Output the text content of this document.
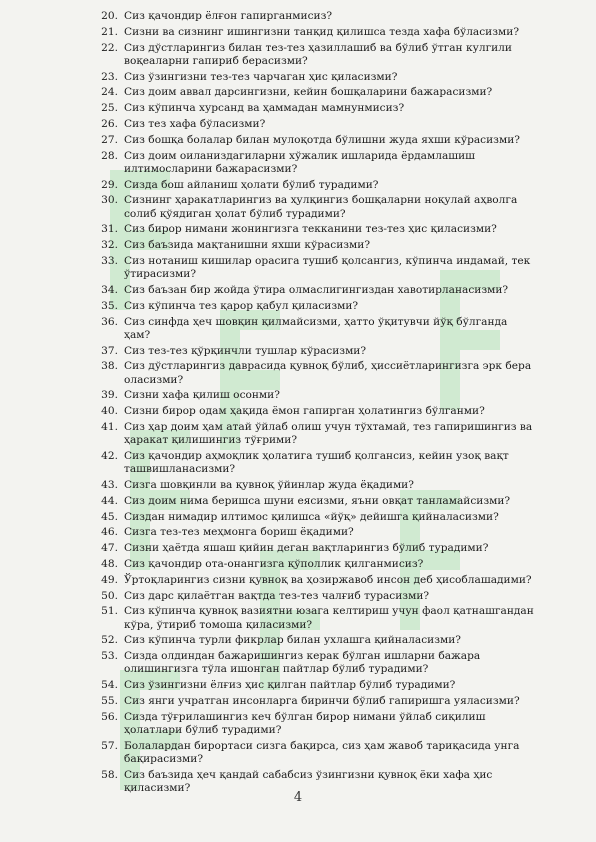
20. Сиз қачондир ёлғон гапирганмисиз?
21. Сизни ва сизнинг ишингизни танқид қилишса тезда хафа бўласизми?
22. Сиз дўстларингиз билан тез-тез ҳазиллашиб ва бўлиб ўтган кулгили воқеаларни гапириб берасизми?
23. Сиз ўзингизни тез-тез чарчаган ҳис қиласизми?
24. Сиз доим аввал дарсингизни, кейин бошқаларини бажарасизми?
25. Сиз кўпинча хурсанд ва ҳаммадан мамнунмисиз?
26. Сиз тез хафа бўласизми?
27. Сиз бошқа болалар билан мулоқотда бўлишни жуда яхши кўрасизми?
28. Сиз доим оиланиздагиларни хўжалик ишларида ёрдамлашиш илтимосларини бажарасизми?
29. Сизда бош айланиш ҳолати бўлиб турадими?
30. Сизнинг ҳаракатларингиз ва ҳулқингиз бошқаларни ноқулай аҳволга солиб қўядиган ҳолат бўлиб турадими?
31. Сиз бирор нимани жонингизга текканини тез-тез ҳис қиласизми?
32. Сиз баъзида мақтанишни яхши кўрасизми?
33. Сиз нотаниш кишилар орасига тушиб қолсангиз, кўпинча индамай, тек ўтирасизми?
34. Сиз баъзан бир жойда ўтира олмаслигингиздан хавотирланасизми?
35. Сиз кўпинча тез қарор қабул қиласизми?
36. Сиз синфда ҳеч шовқин қилмайсизми, ҳатто ўқитувчи йўқ бўлганда ҳам?
37. Сиз тез-тез қўрқинчли тушлар кўрасизми?
38. Сиз дўстларингиз даврасида қувноқ бўлиб, ҳиссиётларингизга эрк бера оласизми?
39. Сизни хафа қилиш осонми?
40. Сизни бирор одам ҳақида ёмон гапирган ҳолатингиз бўлганми?
41. Сиз ҳар доим ҳам атай ўйлаб олиш учун тўхтамай, тез гапиришингиз ва ҳаракат қилишингиз тўғрими?
42. Сиз қачондир аҳмоқлик ҳолатига тушиб қолгансиз, кейин узоқ вақт ташвишланасизми?
43. Сизга шовқинли ва қувноқ ўйинлар жуда ёқадими?
44. Сиз доим нима беришса шуни еясизми, яъни овқат танламайсизми?
45. Сиздан нимадир илтимос қилишса «йўқ» дейишга қийналасизми?
46. Сизга тез-тез меҳмонга бориш ёқадими?
47. Сизни ҳаётда яшаш қийин деган вақтларингиз бўлиб турадими?
48. Сиз қачондир ота-онангизга қўполлик қилганмисиз?
49. Ўртоқларингиз сизни қувноқ ва ҳозиржавоб инсон деб ҳисоблашадими?
50. Сиз дарс қилаётган вақтда тез-тез чалғиб турасизми?
51. Сиз кўпинча қувноқ вазиятни юзага келтириш учун фаол қатнашгандан кўра, ўтириб томоша қиласизми?
52. Сиз кўпинча турли фикрлар билан ухлашга қийналасизми?
53. Сизда олдиндан бажаришингиз керак бўлган ишларни бажара олишингизга тўла ишонган пайтлар бўлиб турадими?
54. Сиз ўзингизни ёлғиз ҳис қилган пайтлар бўлиб турадими?
55. Сиз янги учратган инсонларга биринчи бўлиб гапиришга уяласизми?
56. Сизда тўғрилашингиз кеч бўлган бирор нимани ўйлаб сиқилиш ҳолатлари бўлиб турадими?
57. Болалардан бирортаси сизга бақирса, сиз ҳам жавоб тариқасида унга бақирасизми?
58. Сиз баъзида ҳеч қандай сабабсиз ўзингизни қувноқ ёки хафа ҳис қиласизми?
4
